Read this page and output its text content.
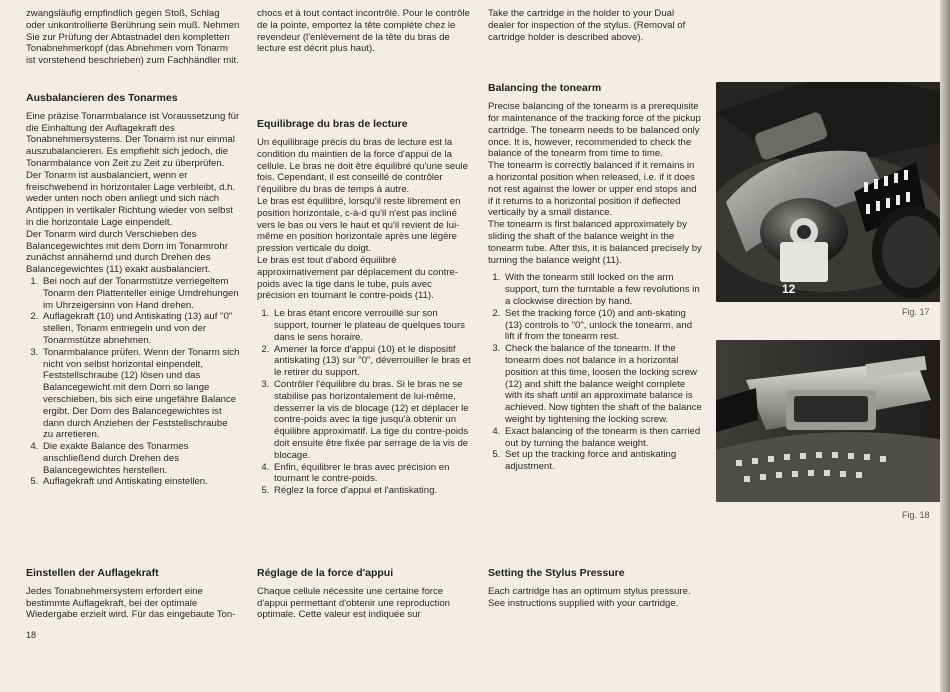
zwangsläufig empfindlich gegen Stoß, Schlag oder unkontrollierte Berührung sein muß. Nehmen Sie zur Prüfung der Abtastnadel den kompletten Tonabnehmerkopf (das Abnehmen vom Tonarm ist vorstehend beschrieben) zum Fachhändler mit.

Ausbalancieren des Tonarmes

Eine präzise Tonarmbalance ist Voraussetzung für die Einhaltung der Auflagekraft des Tonabnehmersystems. Der Tonarm ist nur einmal auszubalancieren. Es empfiehlt sich jedoch, die Tonarmbalance von Zeit zu Zeit zu überprüfen.

Der Tonarm ist ausbalanciert, wenn er freischwebend in horizontaler Lage verbleibt, d.h. weder unten noch oben anliegt und sich nach Antippen in vertikaler Richtung wieder von selbst in die horizontale Lage einpendelt.

Der Tonarm wird durch Verschieben des Balancegewichtes mit dem Dorn im Tonarmrohr zunächst annähernd und durch Drehen des Balancegewichtes (11) exakt ausbalanciert.

1. Bei noch auf der Tonarmstütze verriegeltem Tonarm den Plattenteller einige Umdrehungen im Uhrzeigersinn von Hand drehen.
2. Auflagekraft (10) und Antiskating (13) auf "0" stellen, Tonarm entriegeln und von der Tonarmstütze abnehmen.
3. Tonarmbalance prüfen. Wenn der Tonarm sich nicht von selbst horizontal einpendelt, Feststellschraube (12) lösen und das Balancegewicht mit dem Dorn so lange verschieben, bis sich eine ungefähre Balance ergibt. Der Dorn des Balancegewichtes ist dann durch Anziehen der Feststellschraube zu arretieren.
4. Die exakte Balance des Tonarmes anschließend durch Drehen des Balancegewichtes herstellen.
5. Auflagekraft und Antiskating einstellen.
Einstellen der Auflagekraft

Jedes Tonabnehmersystem erfordert eine bestimmte Auflagekraft, bei der optimale Wiedergabe erzielt wird. Für das eingebaute Ton-

chocs et à tout contact incontrôlé. Pour le contrôle de la pointe, emportez la tête complète chez le revendeur (l'enlèvement de la tête du bras de lecture est décrit plus haut).

Equilibrage du bras de lecture

Un équilibrage précis du bras de lecture est la condition du maintien de la force d'appui de la cellule. Le bras ne doit être équilibré qu'une seule fois. Cependant, il est conseillé de contrôler l'équilibre du bras de temps à autre.

Le bras est équilibré, lorsqu'il reste librement en position horizontale, c-à-d qu'il n'est pas incliné vers le bas ou vers le haut et qu'il revient de lui-même en position horizontale après une légère pression verticale du doigt.

Le bras est tout d'abord équilibré approximativement par déplacement du contre-poids avec la tige dans le tube, puis avec précision en tournant le contre-poids (11).

1. Le bras étant encore verrouillé sur son support, tourner le plateau de quelques tours dans le sens horaire.
2. Amener la force d'appui (10) et le dispositif antiskating (13) sur "0", déverrouiller le bras et le retirer du support.
3. Contrôler l'équilibre du bras. Si le bras ne se stabilise pas horizontalement de lui-même, desserrer la vis de blocage (12) et déplacer le contre-poids avec la tige jusqu'à obtenir un équilibre approximatif. La tige du contre-poids doit ensuite être fixée par serrage de la vis de blocage.
4. Enfin, équilibrer le bras avec précision en tournant le contre-poids.
5. Réglez la force d'appui et l'antiskating.
Réglage de la force d'appui

Chaque cellule nécessite une certaine force d'appui permettant d'obtenir une reproduction optimale. Cette valeur est indiquée sur

Take the cartridge in the holder to your Dual dealer for inspection of the stylus. (Removal of cartridge holder is described above).

Balancing the tonearm

Precise balancing of the tonearm is a prerequisite for maintenance of the tracking force of the pickup cartridge. The tonearm needs to be balanced only once. It is, however, recommended to check the balance of the tonearm from time to time.

The tonearm is correctly balanced if it remains in a horizontal position when released, i.e. if it does not rest against the lower or upper end stops and if it returns to a horizontal position if deflected vertically by a small distance.

The tonearm is first balanced approximately by sliding the shaft of the balance weight in the tonearm tube. After this, it is balanced precisely by turning the balance weight (11).

1. With the tonearm still locked on the arm support, turn the turntable a few revolutions in a clockwise direction by hand.
2. Set the tracking force (10) and anti-skating (13) controls to "0", unlock the tonearm, and lift if from the tonearm rest.
3. Check the balance of the tonearm. If the tonearm does not balance in a horizontal position at this time, loosen the locking screw (12) and shift the balance weight complete with its shaft until an approximate balance is achieved. Now tighten the shaft of the balance weight by tightening the locking screw.
4. Exact balancing of the tonearm is then carried out by turning the balance weight.
5. Set up the tracking force and antiskating adjustment.
Setting the Stylus Pressure

Each cartridge has an optimum stylus pressure. See instructions supplied with your cartridge.

12
Fig. 17
Fig. 18
18
